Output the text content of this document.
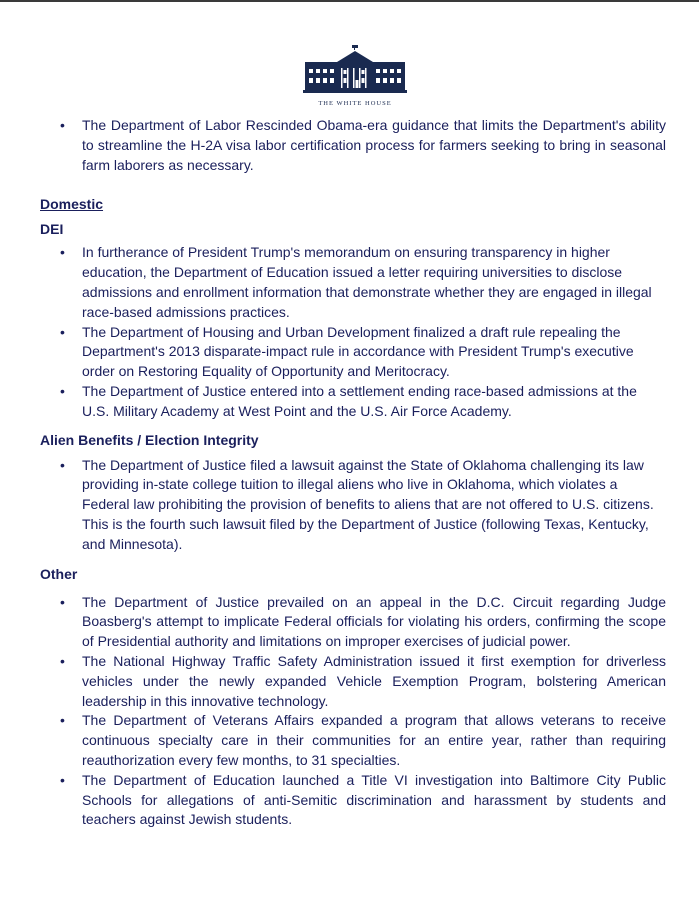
THE WHITE HOUSE
• The Department of Labor Rescinded Obama-era guidance that limits the Department's ability to streamline the H-2A visa labor certification process for farmers seeking to bring in seasonal farm laborers as necessary.

Domestic

DEI

• In furtherance of President Trump's memorandum on ensuring transparency in higher education, the Department of Education issued a letter requiring universities to disclose admissions and enrollment information that demonstrate whether they are engaged in illegal race-based admissions practices.
• The Department of Housing and Urban Development finalized a draft rule repealing the Department's 2013 disparate-impact rule in accordance with President Trump's executive order on Restoring Equality of Opportunity and Meritocracy.
• The Department of Justice entered into a settlement ending race-based admissions at the U.S. Military Academy at West Point and the U.S. Air Force Academy.

Alien Benefits / Election Integrity

• The Department of Justice filed a lawsuit against the State of Oklahoma challenging its law providing in-state college tuition to illegal aliens who live in Oklahoma, which violates a Federal law prohibiting the provision of benefits to aliens that are not offered to U.S. citizens. This is the fourth such lawsuit filed by the Department of Justice (following Texas, Kentucky, and Minnesota).

Other

• The Department of Justice prevailed on an appeal in the D.C. Circuit regarding Judge Boasberg's attempt to implicate Federal officials for violating his orders, confirming the scope of Presidential authority and limitations on improper exercises of judicial power.
• The National Highway Traffic Safety Administration issued it first exemption for driverless vehicles under the newly expanded Vehicle Exemption Program, bolstering American leadership in this innovative technology.
• The Department of Veterans Affairs expanded a program that allows veterans to receive continuous specialty care in their communities for an entire year, rather than requiring reauthorization every few months, to 31 specialties.
• The Department of Education launched a Title VI investigation into Baltimore City Public Schools for allegations of anti-Semitic discrimination and harassment by students and teachers against Jewish students.
